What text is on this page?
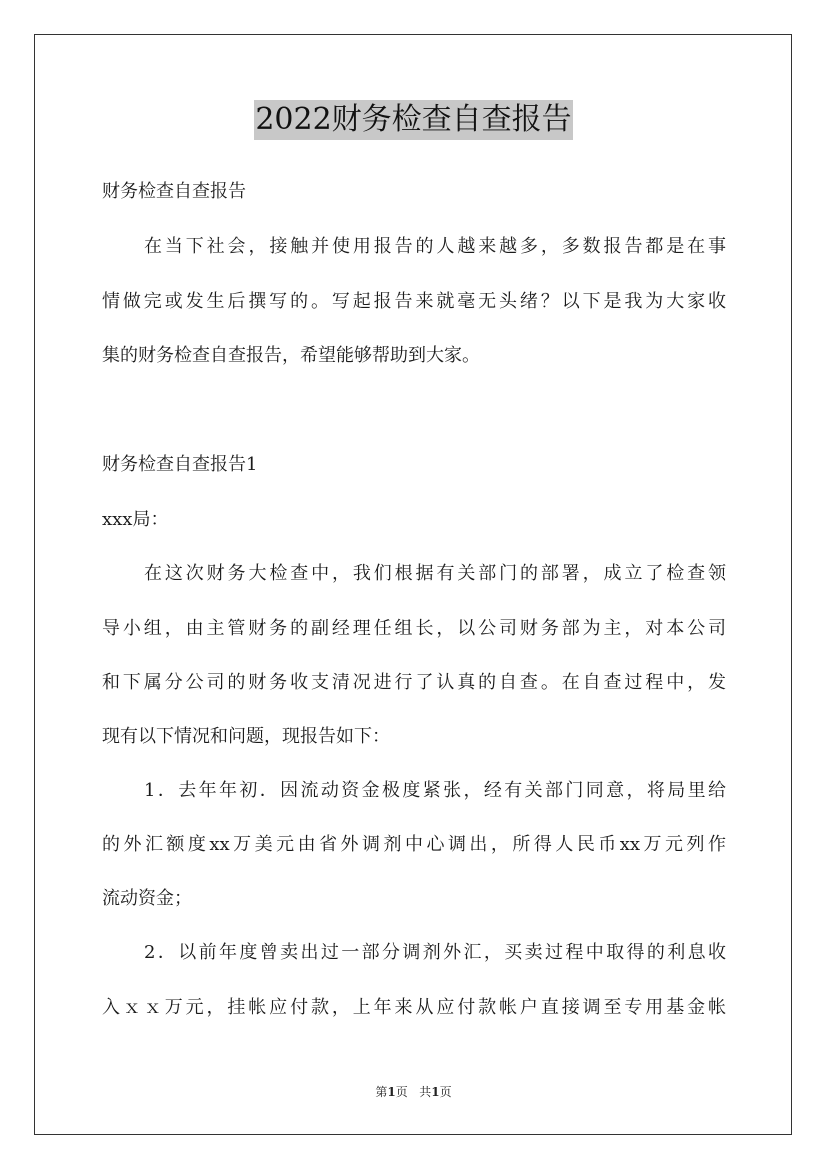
2022财务检查自查报告
财务检查自查报告
在当下社会，接触并使用报告的人越来越多，多数报告都是在事
情做完或发生后撰写的。写起报告来就毫无头绪？以下是我为大家收
集的财务检查自查报告，希望能够帮助到大家。
财务检查自查报告1
xxx局：
在这次财务大检查中，我们根据有关部门的部署，成立了检查领
导小组，由主管财务的副经理任组长，以公司财务部为主，对本公司
和下属分公司的财务收支清况进行了认真的自查。在自查过程中，发
现有以下情况和问题，现报告如下：
1．去年年初．因流动资金极度紧张，经有关部门同意，将局里给
的外汇额度xx万美元由省外调剂中心调出，所得人民币xx万元列作
流动资金；
2．以前年度曾卖出过一部分调剂外汇，买卖过程中取得的利息收
入ｘｘ万元，挂帐应付款，上年来从应付款帐户直接调至专用基金帐
第1页 共1页
